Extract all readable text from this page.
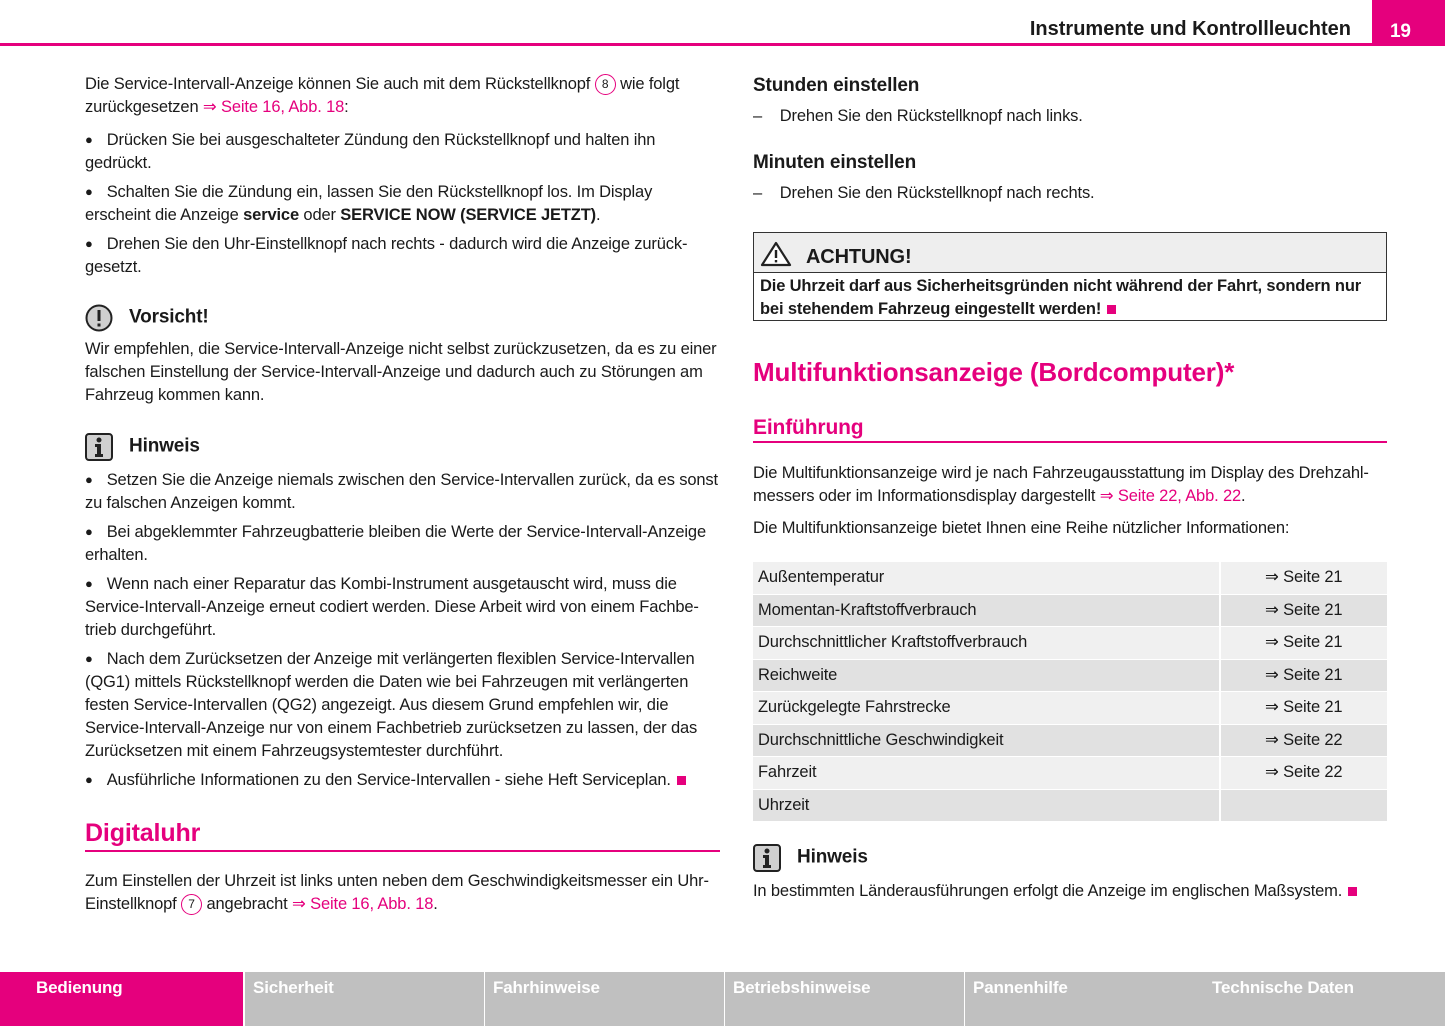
Instrumente und Kontrollleuchten	19

Die Service-Intervall-Anzeige können Sie auch mit dem Rückstellknopf 8 wie folgt zurückgesetzen ⇒ Seite 16, Abb. 18:

● Drücken Sie bei ausgeschalteter Zündung den Rückstellknopf und halten ihn gedrückt.

● Schalten Sie die Zündung ein, lassen Sie den Rückstellknopf los. Im Display erscheint die Anzeige service oder SERVICE NOW (SERVICE JETZT).

● Drehen Sie den Uhr-Einstellknopf nach rechts - dadurch wird die Anzeige zurück-gesetzt.

Vorsicht!

Wir empfehlen, die Service-Intervall-Anzeige nicht selbst zurückzusetzen, da es zu einer falschen Einstellung der Service-Intervall-Anzeige und dadurch auch zu Störungen am Fahrzeug kommen kann.

Hinweis

● Setzen Sie die Anzeige niemals zwischen den Service-Intervallen zurück, da es sonst zu falschen Anzeigen kommt.

● Bei abgeklemmter Fahrzeugbatterie bleiben die Werte der Service-Intervall-Anzeige erhalten.

● Wenn nach einer Reparatur das Kombi-Instrument ausgetauscht wird, muss die Service-Intervall-Anzeige erneut codiert werden. Diese Arbeit wird von einem Fachbe-trieb durchgeführt.

● Nach dem Zurücksetzen der Anzeige mit verlängerten flexiblen Service-Intervallen (QG1) mittels Rückstellknopf werden die Daten wie bei Fahrzeugen mit verlängerten festen Service-Intervallen (QG2) angezeigt. Aus diesem Grund empfehlen wir, die Service-Intervall-Anzeige nur von einem Fachbetrieb zurücksetzen zu lassen, der das Zurücksetzen mit einem Fahrzeugsystemtester durchführt.

● Ausführliche Informationen zu den Service-Intervallen - siehe Heft Serviceplan.

Digitaluhr

Zum Einstellen der Uhrzeit ist links unten neben dem Geschwindigkeitsmesser ein Uhr-Einstellknopf 7 angebracht ⇒ Seite 16, Abb. 18.

Stunden einstellen

–    Drehen Sie den Rückstellknopf nach links.

Minuten einstellen

–    Drehen Sie den Rückstellknopf nach rechts.

ACHTUNG!

Die Uhrzeit darf aus Sicherheitsgründen nicht während der Fahrt, sondern nur bei stehendem Fahrzeug eingestellt werden!

Multifunktionsanzeige (Bordcomputer)*
Einführung

Die Multifunktionsanzeige wird je nach Fahrzeugausstattung im Display des Drehzahl-messers oder im Informationsdisplay dargestellt ⇒ Seite 22, Abb. 22.

Die Multifunktionsanzeige bietet Ihnen eine Reihe nützlicher Informationen:

Außentemperatur	⇒ Seite 21
Momentan-Kraftstoffverbrauch	⇒ Seite 21
Durchschnittlicher Kraftstoffverbrauch	⇒ Seite 21
Reichweite	⇒ Seite 21
Zurückgelegte Fahrstrecke	⇒ Seite 21
Durchschnittliche Geschwindigkeit	⇒ Seite 22
Fahrzeit	⇒ Seite 22
Uhrzeit	
Hinweis

In bestimmten Länderausführungen erfolgt die Anzeige im englischen Maßsystem.

Bedienung	Sicherheit	Fahrhinweise	Betriebshinweise	Pannenhilfe	Technische Daten
